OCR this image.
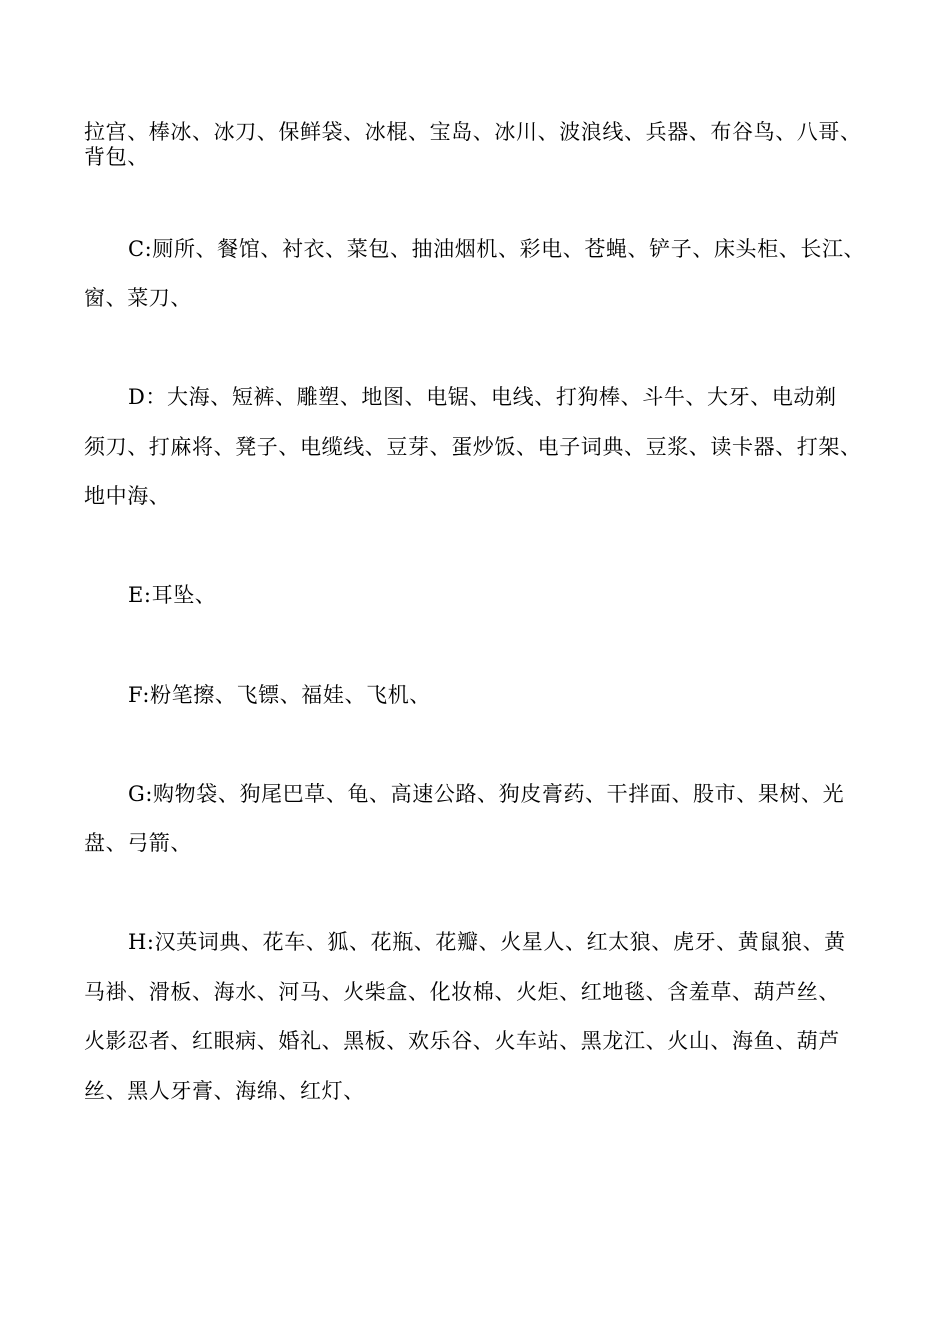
拉宫、棒冰、冰刀、保鲜袋、冰棍、宝岛、冰川、波浪线、兵器、布谷鸟、八哥、
背包、
C:厕所、餐馆、衬衣、菜包、抽油烟机、彩电、苍蝇、铲子、床头柜、长江、
窗、菜刀、
D：大海、短裤、雕塑、地图、电锯、电线、打狗棒、斗牛、大牙、电动剃
须刀、打麻将、凳子、电缆线、豆芽、蛋炒饭、电子词典、豆浆、读卡器、打架、
地中海、
E:耳坠、
F:粉笔擦、飞镖、福娃、飞机、
G:购物袋、狗尾巴草、龟、高速公路、狗皮膏药、干拌面、股市、果树、光
盘、弓箭、
H:汉英词典、花车、狐、花瓶、花瓣、火星人、红太狼、虎牙、黄鼠狼、黄
马褂、滑板、海水、河马、火柴盒、化妆棉、火炬、红地毯、含羞草、葫芦丝、
火影忍者、红眼病、婚礼、黑板、欢乐谷、火车站、黑龙江、火山、海鱼、葫芦
丝、黑人牙膏、海绵、红灯、
